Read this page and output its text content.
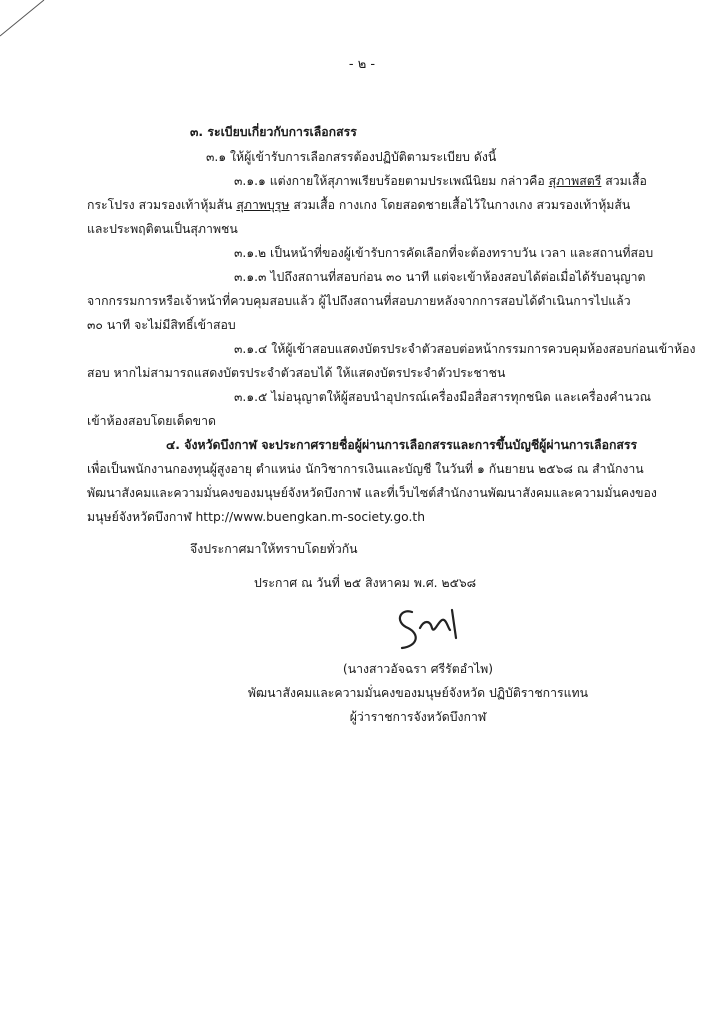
- ๒ -
๓. ระเบียบเกี่ยวกับการเลือกสรร
๓.๑ ให้ผู้เข้ารับการเลือกสรรต้องปฏิบัติตามระเบียบ ดังนี้
๓.๑.๑ แต่งกายให้สุภาพเรียบร้อยตามประเพณีนิยม กล่าวคือ สุภาพสตรี สวมเสื้อ
กระโปรง สวมรองเท้าหุ้มส้น สุภาพบุรุษ สวมเสื้อ กางเกง โดยสอดชายเสื้อไว้ในกางเกง สวมรองเท้าหุ้มส้น
และประพฤติตนเป็นสุภาพชน
๓.๑.๒ เป็นหน้าที่ของผู้เข้ารับการคัดเลือกที่จะต้องทราบวัน เวลา และสถานที่สอบ
๓.๑.๓ ไปถึงสถานที่สอบก่อน ๓๐ นาที แต่จะเข้าห้องสอบได้ต่อเมื่อได้รับอนุญาต
จากกรรมการหรือเจ้าหน้าที่ควบคุมสอบแล้ว ผู้ไปถึงสถานที่สอบภายหลังจากการสอบได้ดำเนินการไปแล้ว
๓๐ นาที จะไม่มีสิทธิ์เข้าสอบ
๓.๑.๔ ให้ผู้เข้าสอบแสดงบัตรประจำตัวสอบต่อหน้ากรรมการควบคุมห้องสอบก่อนเข้าห้อง
สอบ หากไม่สามารถแสดงบัตรประจำตัวสอบได้ ให้แสดงบัตรประจำตัวประชาชน
๓.๑.๕ ไม่อนุญาตให้ผู้สอบนำอุปกรณ์เครื่องมือสื่อสารทุกชนิด และเครื่องคำนวณ
เข้าห้องสอบโดยเด็ดขาด
๔. จังหวัดบึงกาฬ จะประกาศรายชื่อผู้ผ่านการเลือกสรรและการขึ้นบัญชีผู้ผ่านการเลือกสรร
เพื่อเป็นพนักงานกองทุนผู้สูงอายุ ตำแหน่ง นักวิชาการเงินและบัญชี ในวันที่ ๑ กันยายน ๒๕๖๘ ณ สำนักงาน
พัฒนาสังคมและความมั่นคงของมนุษย์จังหวัดบึงกาฬ และที่เว็บไซต์สำนักงานพัฒนาสังคมและความมั่นคงของ
มนุษย์จังหวัดบึงกาฬ http://www.buengkan.m-society.go.th
จึงประกาศมาให้ทราบโดยทั่วกัน
ประกาศ ณ วันที่ ๒๕ สิงหาคม พ.ศ. ๒๕๖๘
(นางสาวอัจฉรา ศรีรัตอำไพ)
พัฒนาสังคมและความมั่นคงของมนุษย์จังหวัด ปฏิบัติราชการแทน
ผู้ว่าราชการจังหวัดบึงกาฬ
